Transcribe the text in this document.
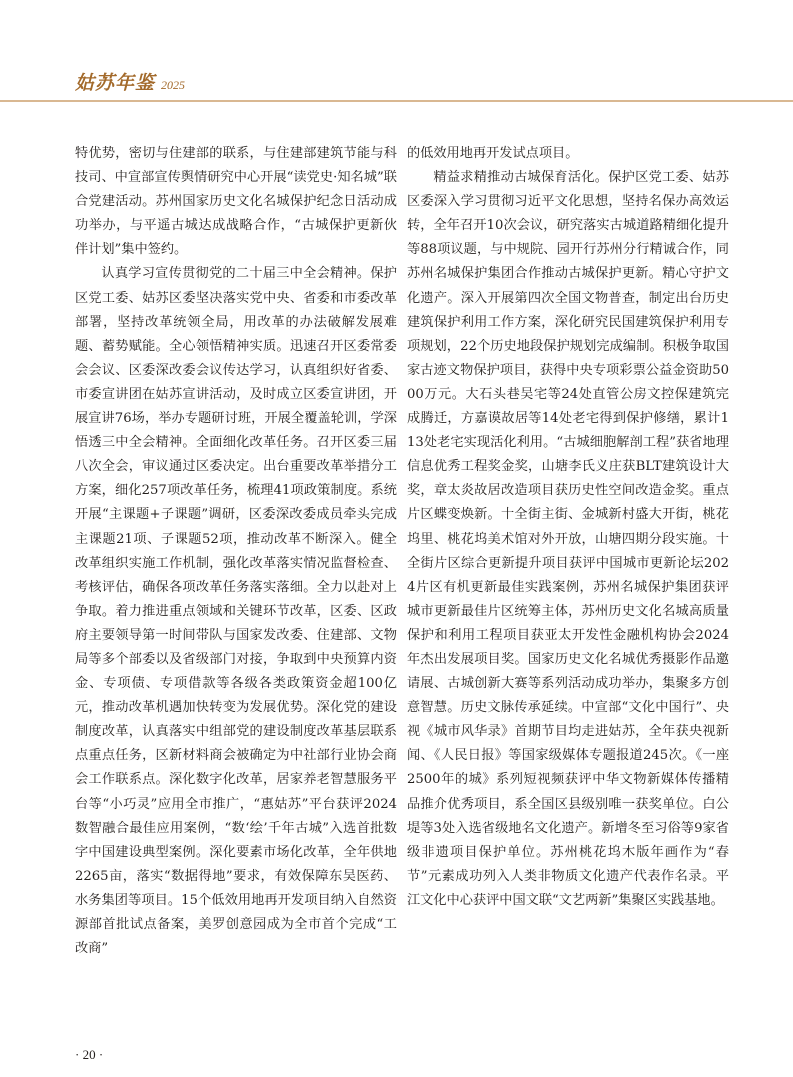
姑苏年鉴 2025

特优势，密切与住建部的联系，与住建部建筑节能与科技司、中宣部宣传舆情研究中心开展“读党史·知名城”联合党建活动。苏州国家历史文化名城保护纪念日活动成功举办，与平遥古城达成战略合作，“古城保护更新伙伴计划”集中签约。

认真学习宣传贯彻党的二十届三中全会精神。保护区党工委、姑苏区委坚决落实党中央、省委和市委改革部署，坚持改革统领全局，用改革的办法破解发展难题、蓄势赋能。全心领悟精神实质。迅速召开区委常委会会议、区委深改委会议传达学习，认真组织好省委、市委宣讲团在姑苏宣讲活动，及时成立区委宣讲团，开展宣讲76场，举办专题研讨班，开展全覆盖轮训，学深悟透三中全会精神。全面细化改革任务。召开区委三届八次全会，审议通过区委决定。出台重要改革举措分工方案，细化257项改革任务，梳理41项政策制度。系统开展“主课题+子课题”调研，区委深改委成员牵头完成主课题21项、子课题52项，推动改革不断深入。健全改革组织实施工作机制，强化改革落实情况监督检查、考核评估，确保各项改革任务落实落细。全力以赴对上争取。着力推进重点领域和关键环节改革，区委、区政府主要领导第一时间带队与国家发改委、住建部、文物局等多个部委以及省级部门对接，争取到中央预算内资金、专项债、专项借款等各级各类政策资金超100亿元，推动改革机遇加快转变为发展优势。深化党的建设制度改革，认真落实中组部党的建设制度改革基层联系点重点任务，区新材料商会被确定为中社部行业协会商会工作联系点。深化数字化改革，居家养老智慧服务平台等“小巧灵”应用全市推广，“惠姑苏”平台获评2024数智融合最佳应用案例，“数‘绘’千年古城”入选首批数字中国建设典型案例。深化要素市场化改革，全年供地2265亩，落实“数据得地”要求，有效保障东吴医药、水务集团等项目。15个低效用地再开发项目纳入自然资源部首批试点备案，美罗创意园成为全市首个完成“工改商”

的低效用地再开发试点项目。

精益求精推动古城保育活化。保护区党工委、姑苏区委深入学习贯彻习近平文化思想，坚持名保办高效运转，全年召开10次会议，研究落实古城道路精细化提升等88项议题，与中规院、园开行苏州分行精诚合作，同苏州名城保护集团合作推动古城保护更新。精心守护文化遗产。深入开展第四次全国文物普查，制定出台历史建筑保护利用工作方案，深化研究民国建筑保护利用专项规划，22个历史地段保护规划完成编制。积极争取国家古迹文物保护项目，获得中央专项彩票公益金资助5000万元。大石头巷吴宅等24处直管公房文控保建筑完成腾迁，方嘉谟故居等14处老宅得到保护修缮，累计113处老宅实现活化利用。“古城细胞解剖工程”获省地理信息优秀工程奖金奖，山塘李氏义庄获BLT建筑设计大奖，章太炎故居改造项目获历史性空间改造金奖。重点片区蝶变焕新。十全街主街、金城新村盛大开街，桃花坞里、桃花坞美术馆对外开放，山塘四期分段实施。十全街片区综合更新提升项目获评中国城市更新论坛2024片区有机更新最佳实践案例，苏州名城保护集团获评城市更新最佳片区统筹主体，苏州历史文化名城高质量保护和利用工程项目获亚太开发性金融机构协会2024年杰出发展项目奖。国家历史文化名城优秀摄影作品邀请展、古城创新大赛等系列活动成功举办，集聚多方创意智慧。历史文脉传承延续。中宣部“文化中国行”、央视《城市风华录》首期节目均走进姑苏，全年获央视新闻、《人民日报》等国家级媒体专题报道245次。《一座2500年的城》系列短视频获评中华文物新媒体传播精品推介优秀项目，系全国区县级别唯一获奖单位。白公堤等3处入选省级地名文化遗产。新增冬至习俗等9家省级非遗项目保护单位。苏州桃花坞木版年画作为“春节”元素成功列入人类非物质文化遗产代表作名录。平江文化中心获评中国文联“文艺两新”集聚区实践基地。

· 20 ·
